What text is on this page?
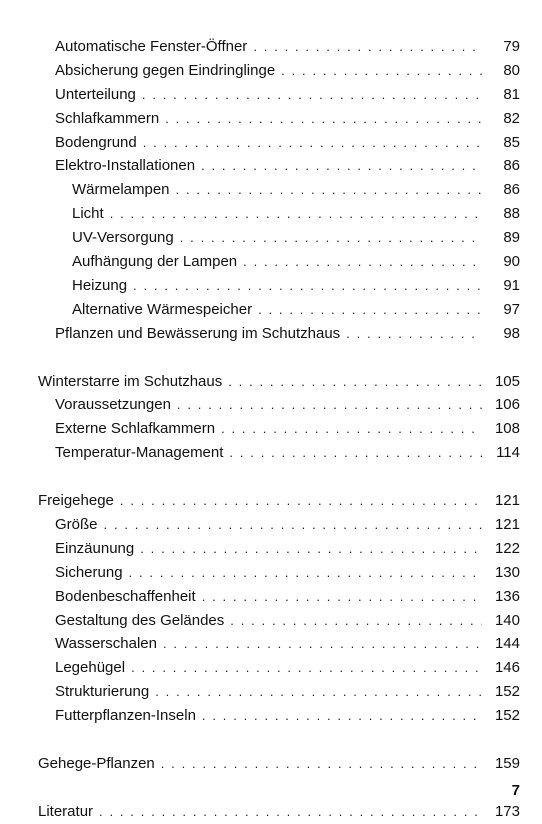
Automatische Fenster-Öffner . . .	79
Absicherung gegen Eindringlinge . . .	80
Unterteilung . . .	81
Schlafkammern . . .	82
Bodengrund . . .	85
Elektro-Installationen . . .	86
Wärmelampen . . .	86
Licht . . .	88
UV-Versorgung . . .	89
Aufhängung der Lampen . . .	90
Heizung . . .	91
Alternative Wärmespeicher . . .	97
Pflanzen und Bewässerung im Schutzhaus . . .	98
Winterstarre im Schutzhaus . . .	105
Voraussetzungen . . .	106
Externe Schlafkammern . . .	108
Temperatur-Management . . .	114
Freigehege . . .	121
Größe . . .	121
Einzäunung . . .	122
Sicherung . . .	130
Bodenbeschaffenheit . . .	136
Gestaltung des Geländes . . .	140
Wasserschalen . . .	144
Legehügel . . .	146
Strukturierung . . .	152
Futterpflanzen-Inseln . . .	152
Gehege-Pflanzen . . .	159
Literatur . . .	173
7
